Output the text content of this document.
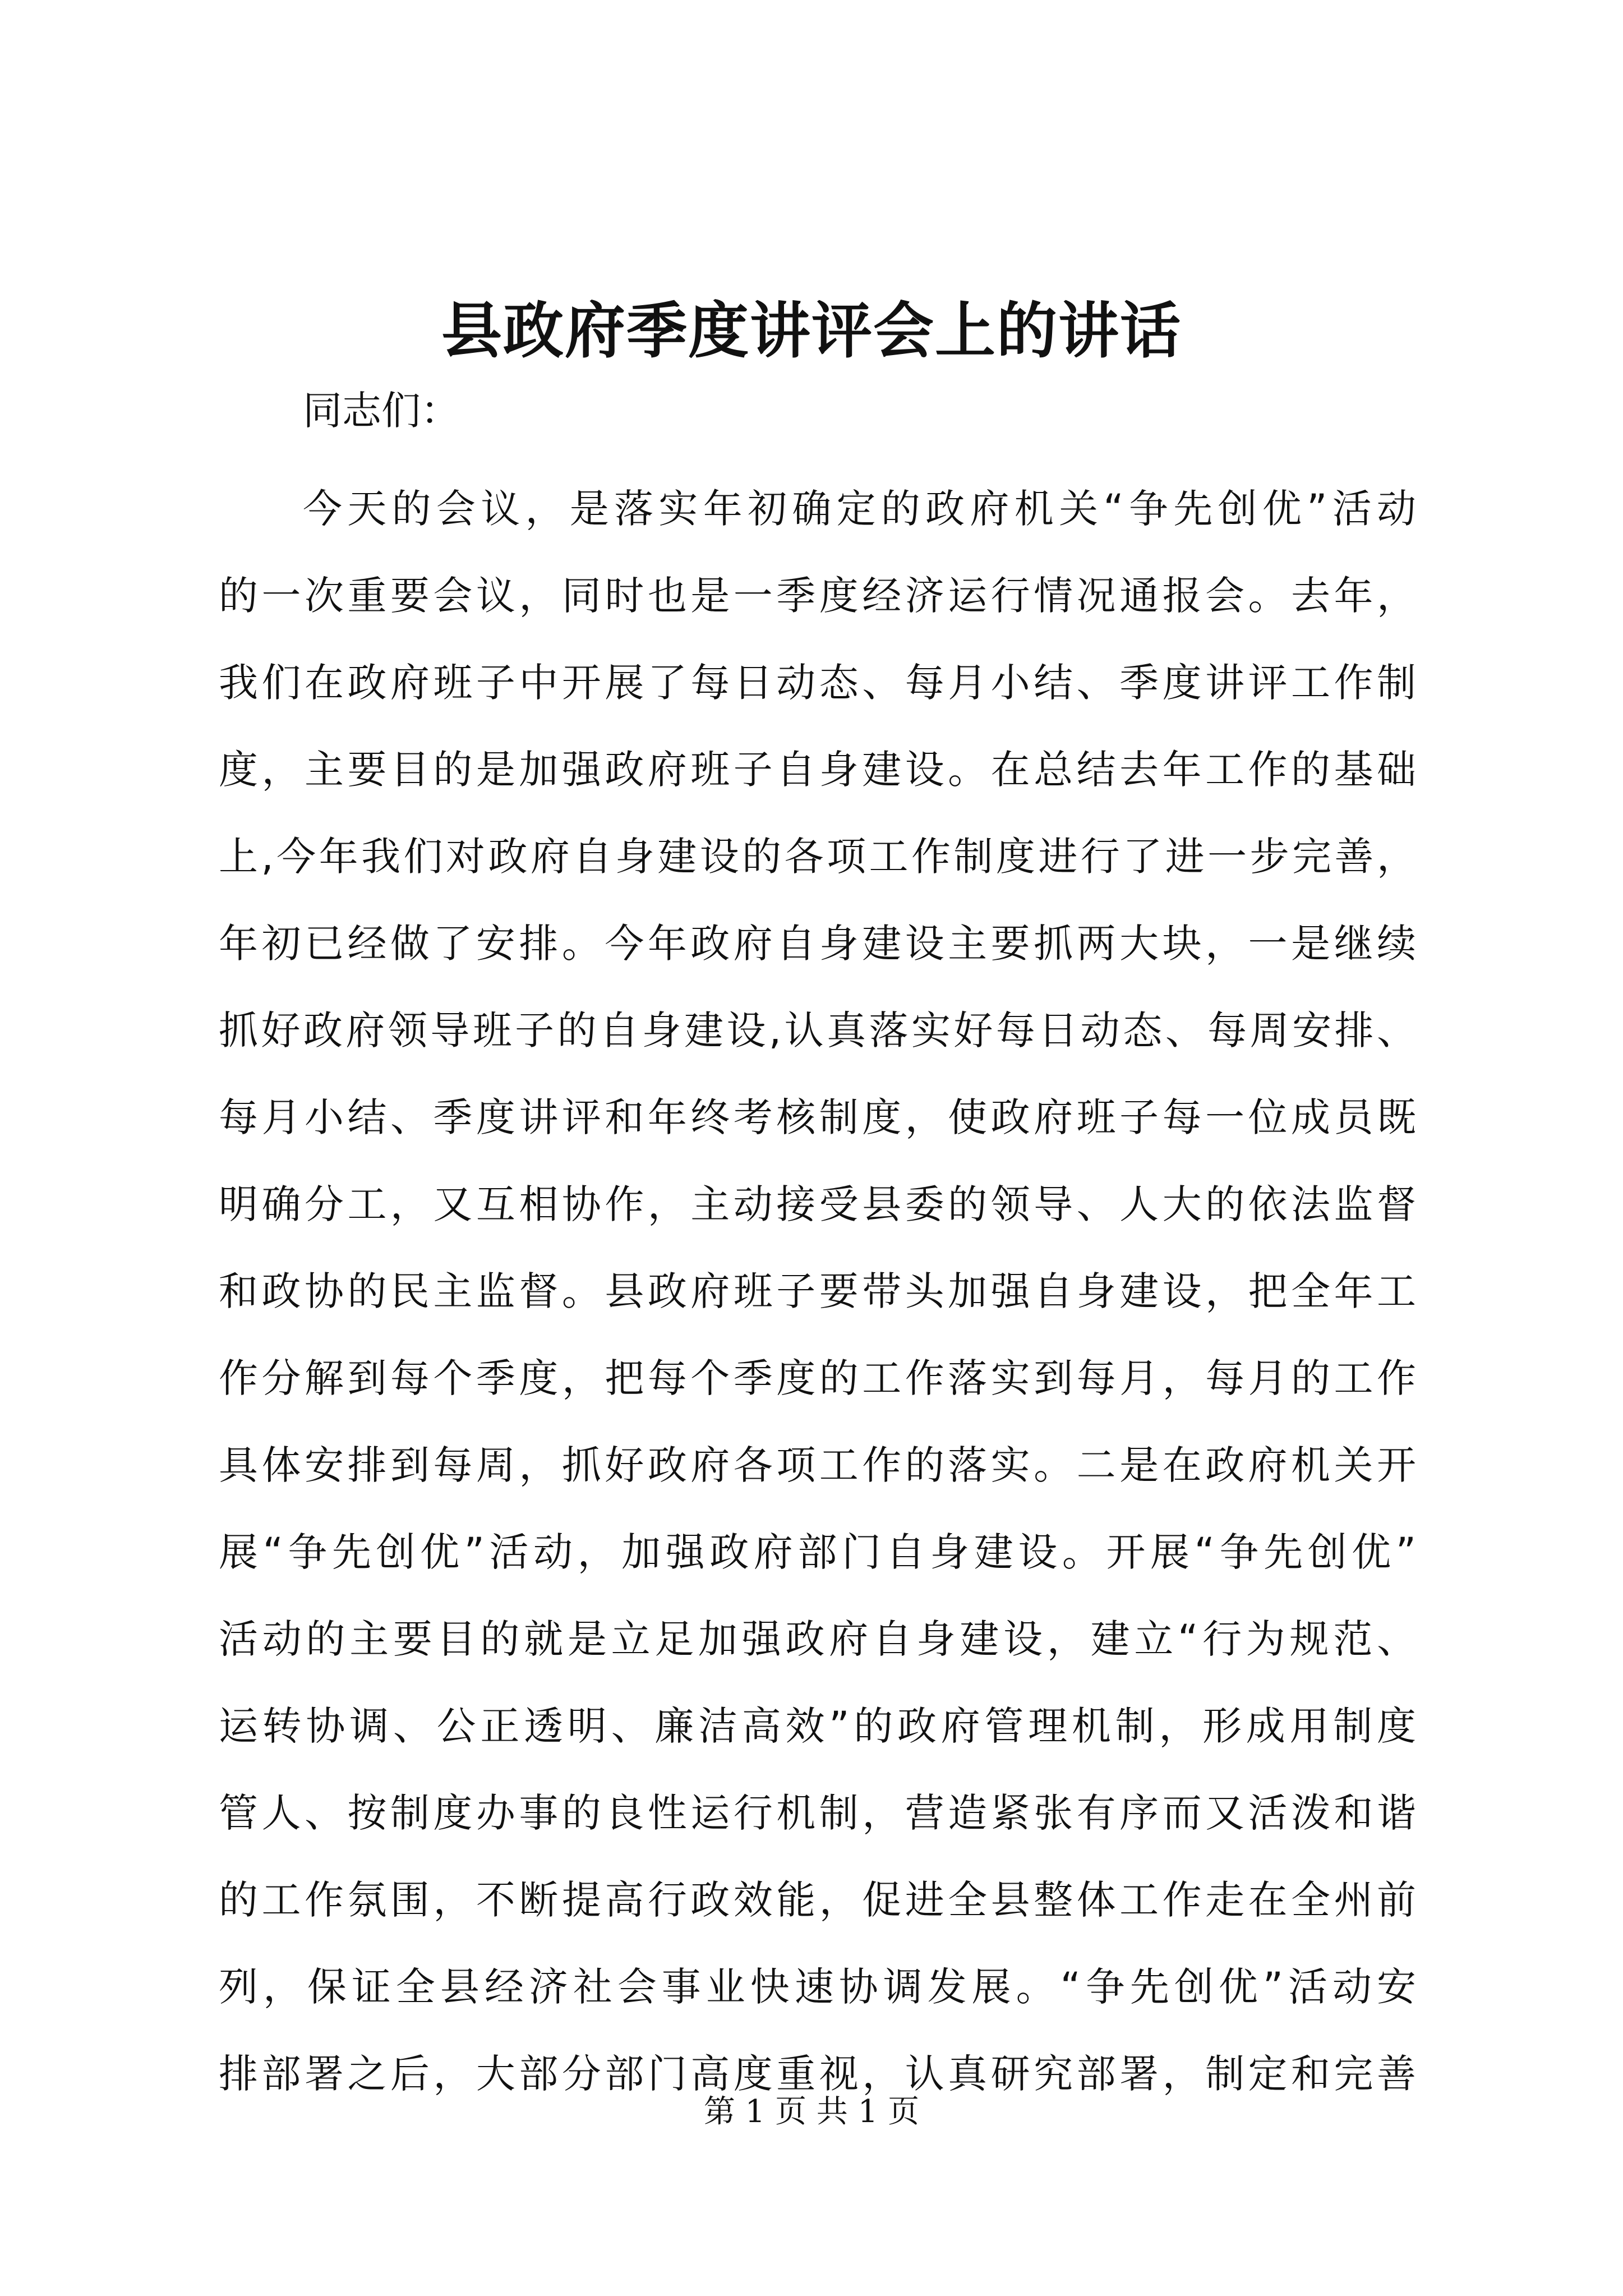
县政府季度讲评会上的讲话
同志们：
今天的会议，是落实年初确定的政府机关“争先创优”活动
的一次重要会议，同时也是一季度经济运行情况通报会。去年，
我们在政府班子中开展了每日动态、每月小结、季度讲评工作制
度，主要目的是加强政府班子自身建设。在总结去年工作的基础
上,今年我们对政府自身建设的各项工作制度进行了进一步完善，
年初已经做了安排。今年政府自身建设主要抓两大块，一是继续
抓好政府领导班子的自身建设,认真落实好每日动态、每周安排、
每月小结、季度讲评和年终考核制度，使政府班子每一位成员既
明确分工，又互相协作，主动接受县委的领导、人大的依法监督
和政协的民主监督。县政府班子要带头加强自身建设，把全年工
作分解到每个季度，把每个季度的工作落实到每月，每月的工作
具体安排到每周，抓好政府各项工作的落实。二是在政府机关开
展“争先创优”活动，加强政府部门自身建设。开展“争先创优”
活动的主要目的就是立足加强政府自身建设，建立“行为规范、
运转协调、公正透明、廉洁高效”的政府管理机制，形成用制度
管人、按制度办事的良性运行机制，营造紧张有序而又活泼和谐
的工作氛围，不断提高行政效能，促进全县整体工作走在全州前
列，保证全县经济社会事业快速协调发展。“争先创优”活动安
排部署之后，大部分部门高度重视，认真研究部署，制定和完善
第 1 页 共 1 页
